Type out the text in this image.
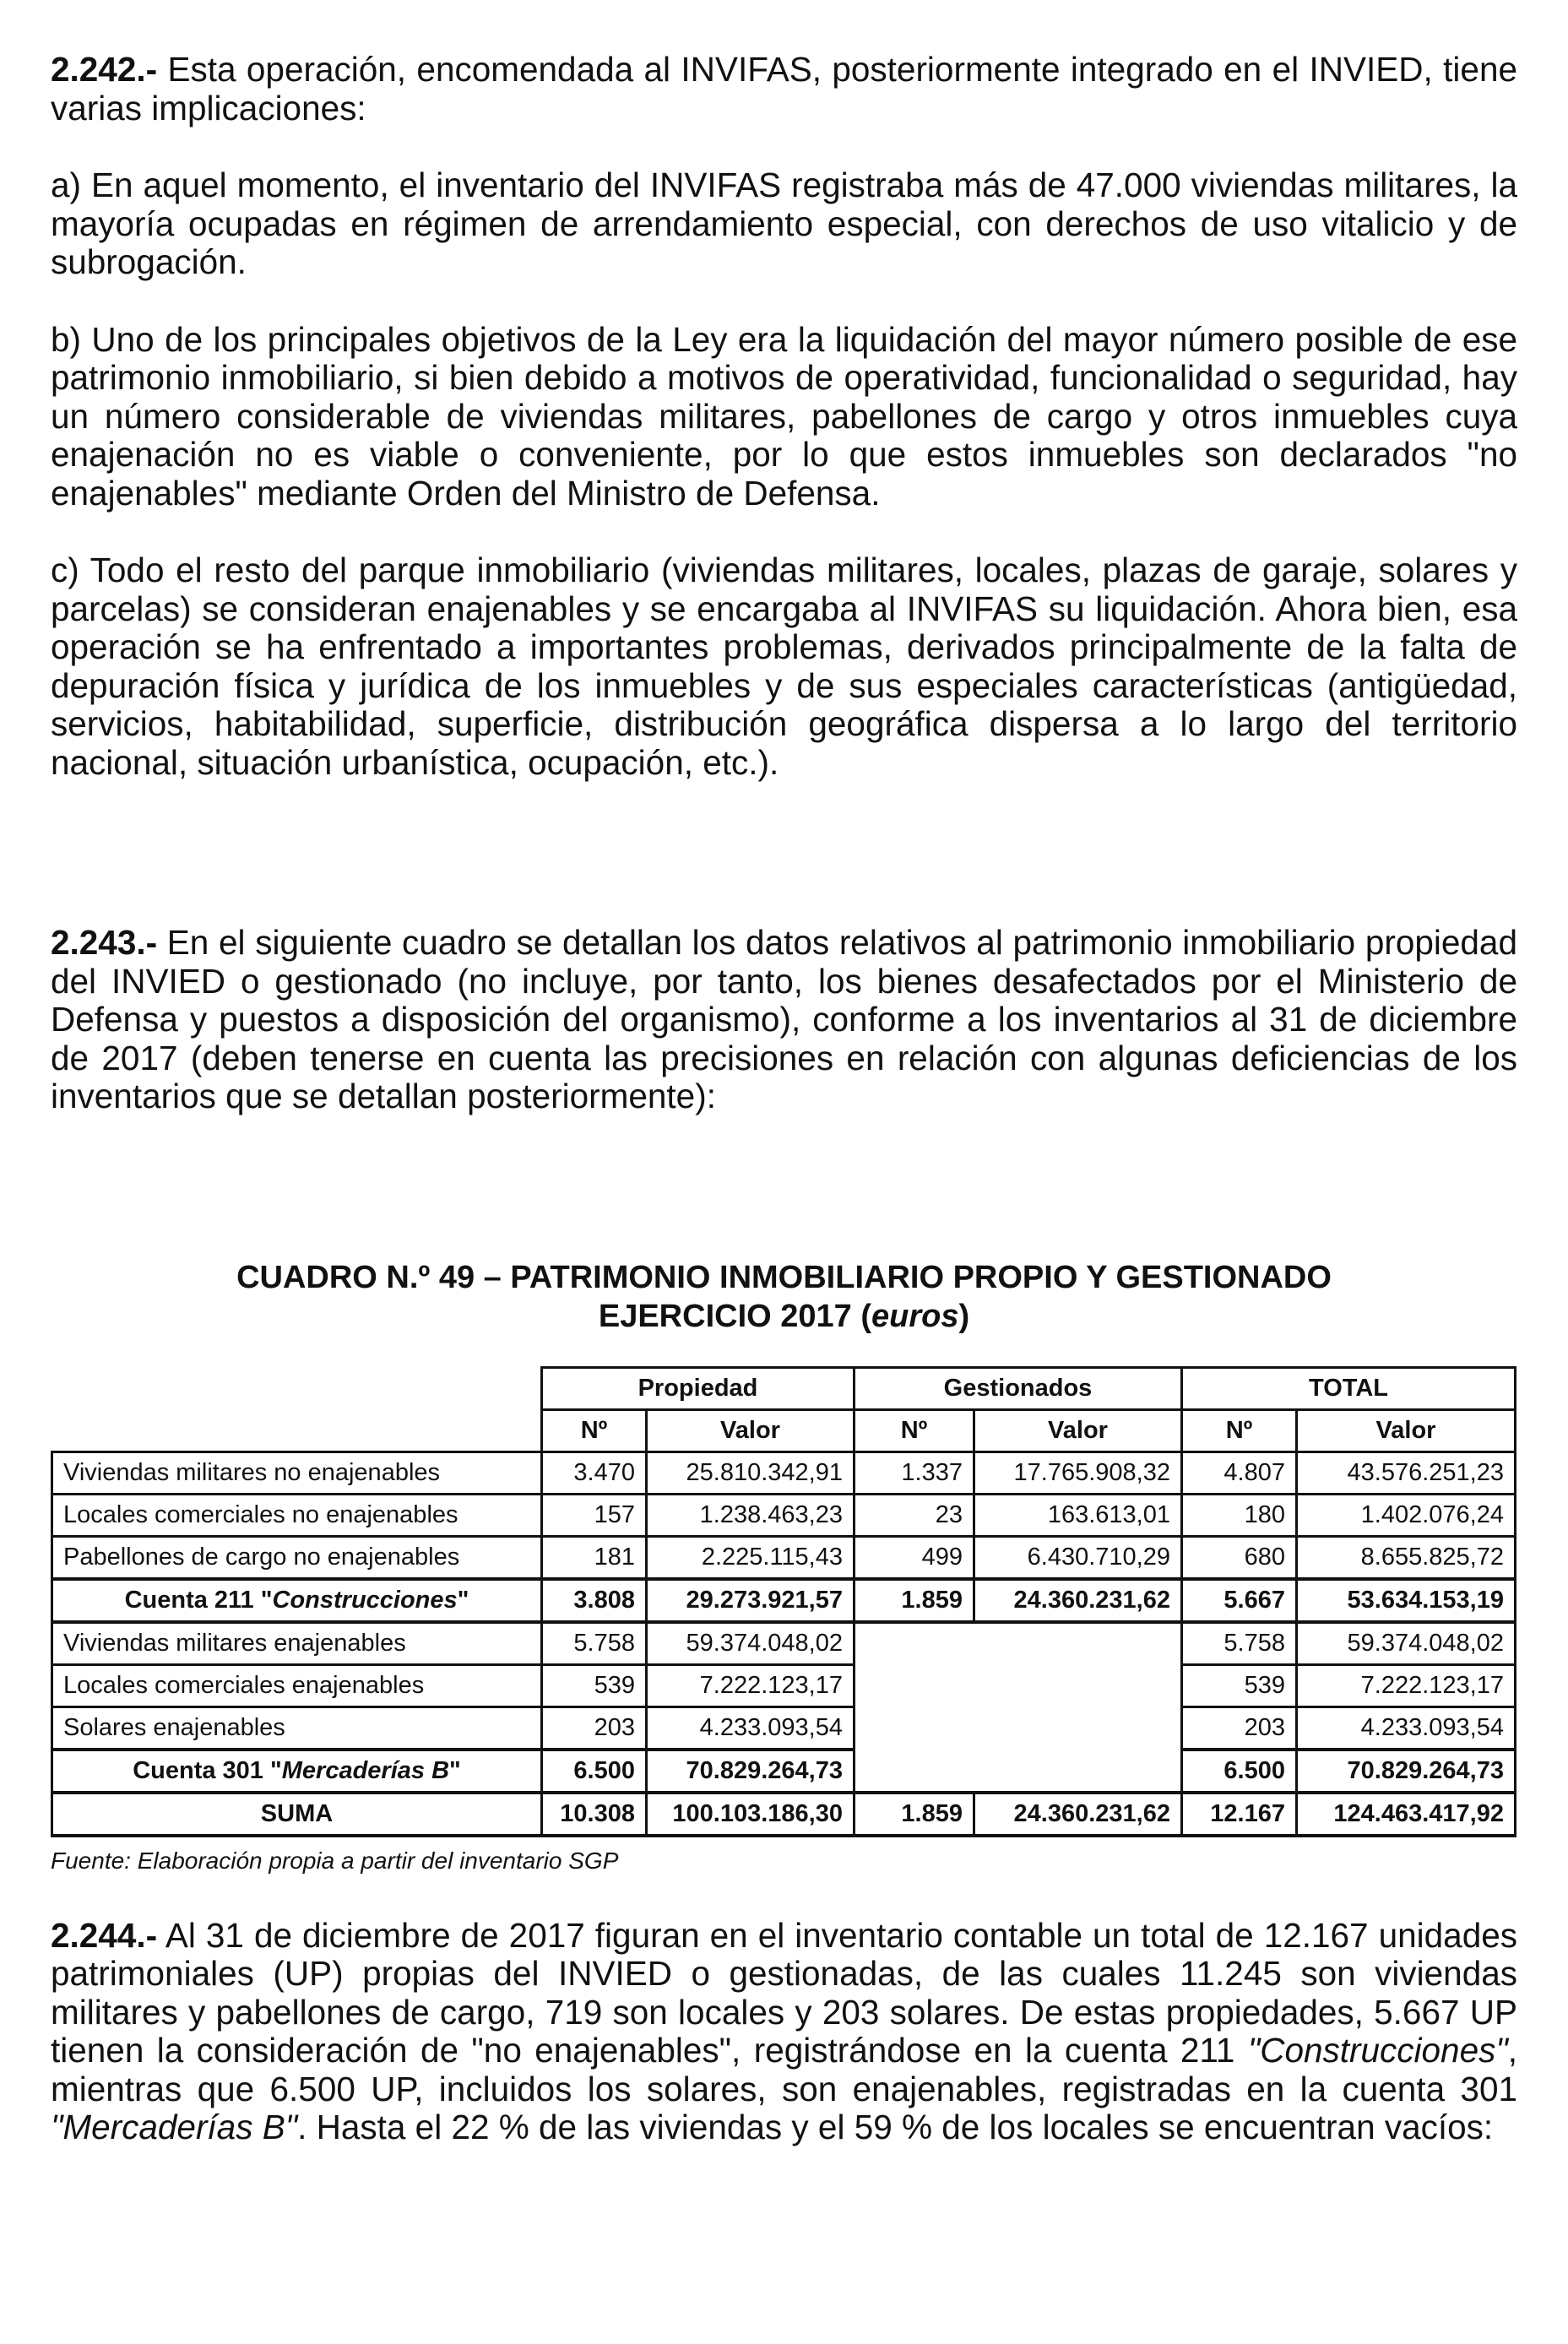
2.242.- Esta operación, encomendada al INVIFAS, posteriormente integrado en el INVIED, tiene varias implicaciones:

a) En aquel momento, el inventario del INVIFAS registraba más de 47.000 viviendas militares, la mayoría ocupadas en régimen de arrendamiento especial, con derechos de uso vitalicio y de subrogación.

b) Uno de los principales objetivos de la Ley era la liquidación del mayor número posible de ese patrimonio inmobiliario, si bien debido a motivos de operatividad, funcionalidad o seguridad, hay un número considerable de viviendas militares, pabellones de cargo y otros inmuebles cuya enajenación no es viable o conveniente, por lo que estos inmuebles son declarados "no enajenables" mediante Orden del Ministro de Defensa.

c) Todo el resto del parque inmobiliario (viviendas militares, locales, plazas de garaje, solares y parcelas) se consideran enajenables y se encargaba al INVIFAS su liquidación. Ahora bien, esa operación se ha enfrentado a importantes problemas, derivados principalmente de la falta de depuración física y jurídica de los inmuebles y de sus especiales características (antigüedad, servicios, habitabilidad, superficie, distribución geográfica dispersa a lo largo del territorio nacional, situación urbanística, ocupación, etc.).

2.243.- En el siguiente cuadro se detallan los datos relativos al patrimonio inmobiliario propiedad del INVIED o gestionado (no incluye, por tanto, los bienes desafectados por el Ministerio de Defensa y puestos a disposición del organismo), conforme a los inventarios al 31 de diciembre de 2017 (deben tenerse en cuenta las precisiones en relación con algunas deficiencias de los inventarios que se detallan posteriormente):

CUADRO N.º 49 – PATRIMONIO INMOBILIARIO PROPIO Y GESTIONADO
EJERCICIO 2017 (euros)
	Propiedad		Gestionados		TOTAL	
	Nº	Valor	Nº	Valor	Nº	Valor
Viviendas militares no enajenables	3.470	25.810.342,91	1.337	17.765.908,32	4.807	43.576.251,23
Locales comerciales no enajenables	157	1.238.463,23	23	163.613,01	180	1.402.076,24
Pabellones de cargo no enajenables	181	2.225.115,43	499	6.430.710,29	680	8.655.825,72
Cuenta 211 "Construcciones"	3.808	29.273.921,57	1.859	24.360.231,62	5.667	53.634.153,19
Viviendas militares enajenables	5.758	59.374.048,02			5.758	59.374.048,02
Locales comerciales enajenables	539	7.222.123,17			539	7.222.123,17
Solares enajenables	203	4.233.093,54			203	4.233.093,54
Cuenta 301 "Mercaderías B"	6.500	70.829.264,73			6.500	70.829.264,73
SUMA	10.308	100.103.186,30	1.859	24.360.231,62	12.167	124.463.417,92

Fuente: Elaboración propia a partir del inventario SGP

2.244.- Al 31 de diciembre de 2017 figuran en el inventario contable un total de 12.167 unidades patrimoniales (UP) propias del INVIED o gestionadas, de las cuales 11.245 son viviendas militares y pabellones de cargo, 719 son locales y 203 solares. De estas propiedades, 5.667 UP tienen la consideración de "no enajenables", registrándose en la cuenta 211 "Construcciones", mientras que 6.500 UP, incluidos los solares, son enajenables, registradas en la cuenta 301 "Mercaderías B". Hasta el 22 % de las viviendas y el 59 % de los locales se encuentran vacíos:
